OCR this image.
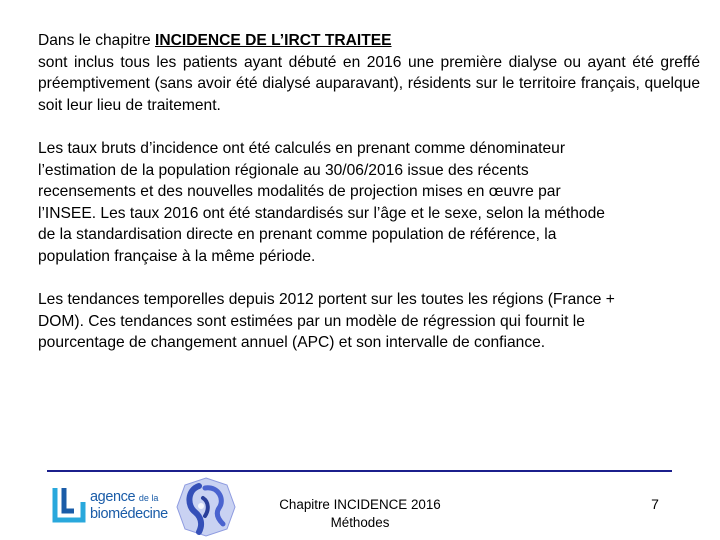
Dans le chapitre INCIDENCE DE L’IRCT TRAITEE
sont inclus tous les patients ayant débuté en 2016 une première dialyse ou ayant été greffé préemptivement (sans avoir été dialysé auparavant), résidents sur le territoire français, quelque soit leur lieu de traitement.

Les taux bruts d’incidence ont été calculés en prenant comme dénominateur
l’estimation de la population régionale au 30/06/2016 issue des récents
recensements et des nouvelles modalités de projection mises en œuvre par
l’INSEE. Les taux 2016 ont été standardisés sur l’âge et le sexe, selon la méthode
de la standardisation directe en prenant comme population de référence, la
population française à la même période.

Les tendances temporelles depuis 2012 portent sur les toutes les régions (France +
DOM). Ces tendances sont estimées par un modèle de régression qui fournit le
pourcentage de changement annuel (APC) et son intervalle de confiance.

agence de la
biomédecine
Chapitre INCIDENCE 2016
Méthodes
7
